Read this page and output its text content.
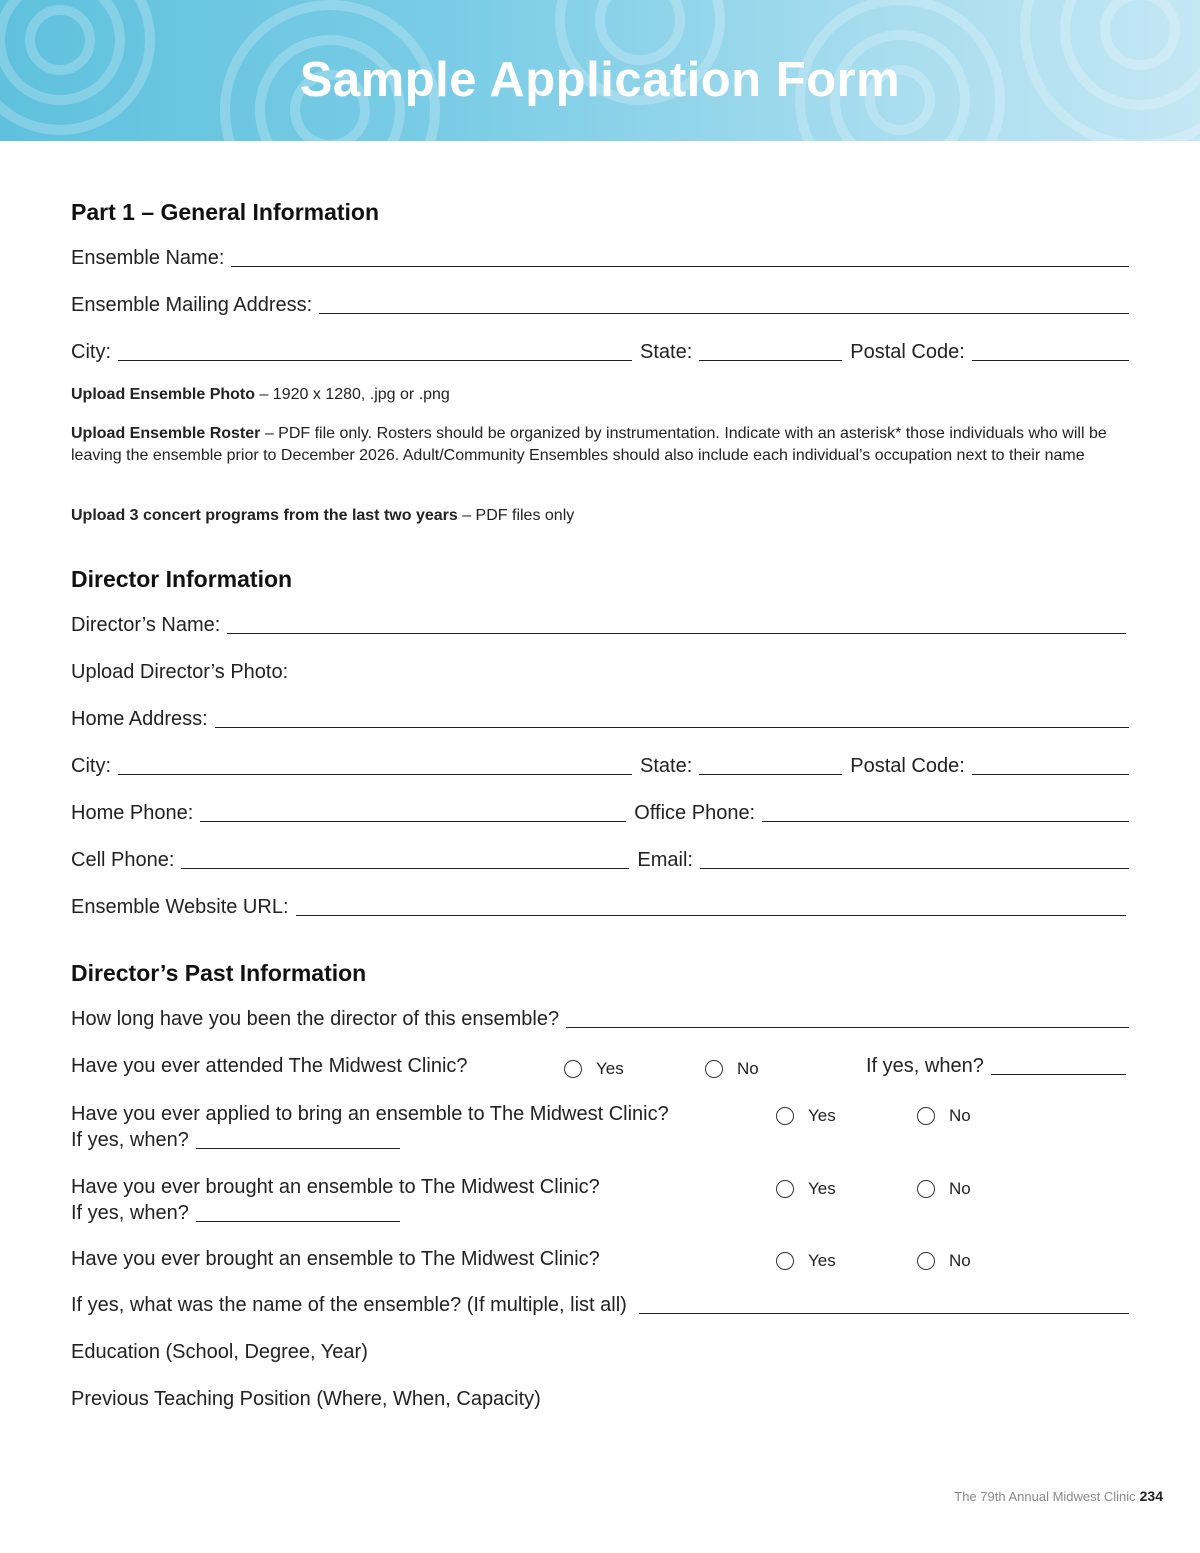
Sample Application Form
Part 1 – General Information
Ensemble Name:
Ensemble Mailing Address:
City:	State:	Postal Code:
Upload Ensemble Photo – 1920 x 1280, .jpg or .png
Upload Ensemble Roster – PDF file only. Rosters should be organized by instrumentation. Indicate with an asterisk* those individuals who will be leaving the ensemble prior to December 2026. Adult/Community Ensembles should also include each individual’s occupation next to their name
Upload 3 concert programs from the last two years – PDF files only
Director Information
Director’s Name:
Upload Director’s Photo:
Home Address:
City:	State:	Postal Code:
Home Phone:	Office Phone:
Cell Phone:	Email:
Ensemble Website URL:
Director’s Past Information
How long have you been the director of this ensemble?
Have you ever attended The Midwest Clinic?	Yes	No	If yes, when?
Have you ever applied to bring an ensemble to The Midwest Clinic?
If yes, when?
Yes	No
Have you ever brought an ensemble to The Midwest Clinic?
If yes, when?
Yes	No
Have you ever brought an ensemble to The Midwest Clinic?	Yes	No
If yes, what was the name of the ensemble? (If multiple, list all)
Education (School, Degree, Year)
Previous Teaching Position (Where, When, Capacity)
The 79th Annual Midwest Clinic 234
